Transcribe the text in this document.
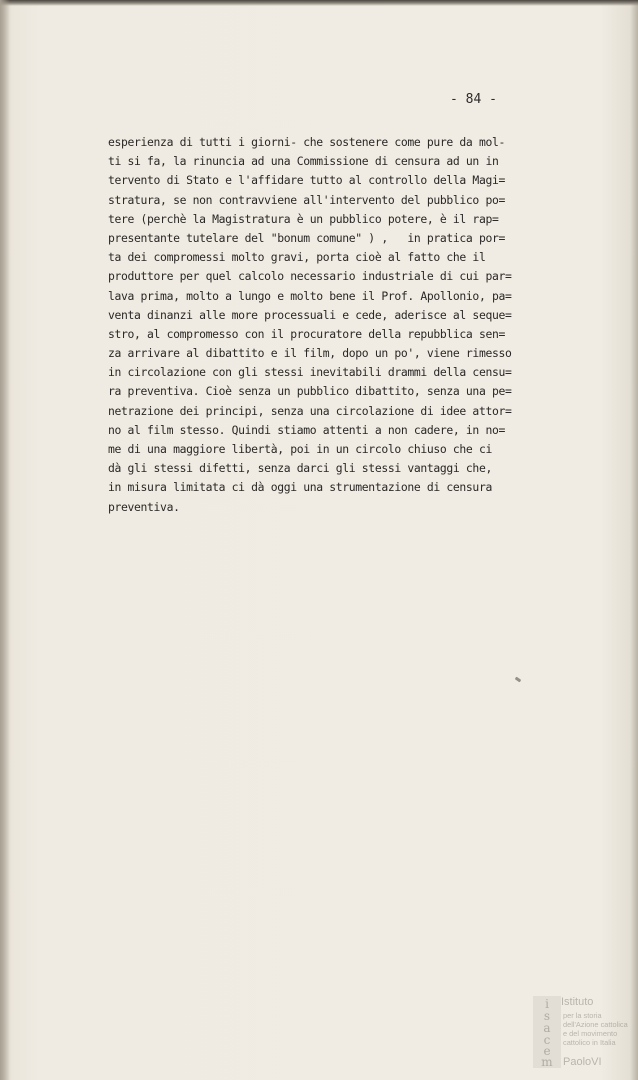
- 84 -
esperienza di tutti i giorni- che sostenere come pure da mol-
ti si fa, la rinuncia ad una Commissione di censura ad un in
tervento di Stato e l'affidare tutto al controllo della Magi=
stratura, se non contravviene all'intervento del pubblico po=
tere (perchè la Magistratura è un pubblico potere, è il rap=
presentante tutelare del "bonum comune" ) ,   in pratica por=
ta dei compromessi molto gravi, porta cioè al fatto che il
produttore per quel calcolo necessario industriale di cui par=
lava prima, molto a lungo e molto bene il Prof. Apollonio, pa=
venta dinanzi alle more processuali e cede, aderisce al seque=
stro, al compromesso con il procuratore della repubblica sen=
za arrivare al dibattito e il film, dopo un po', viene rimesso
in circolazione con gli stessi inevitabili drammi della censu=
ra preventiva. Cioè senza un pubblico dibattito, senza una pe=
netrazione dei principi, senza una circolazione di idee attor=
no al film stesso. Quindi stiamo attenti a non cadere, in no=
me di una maggiore libertà, poi in un circolo chiuso che ci
dà gli stessi difetti, senza darci gli stessi vantaggi che,
in misura limitata ci dà oggi una strumentazione di censura
preventiva.
i
s
a
c
e
m
Istituto
per la storia
dell'Azione cattolica
e del movimento
cattolico in Italia
PaoloVI
